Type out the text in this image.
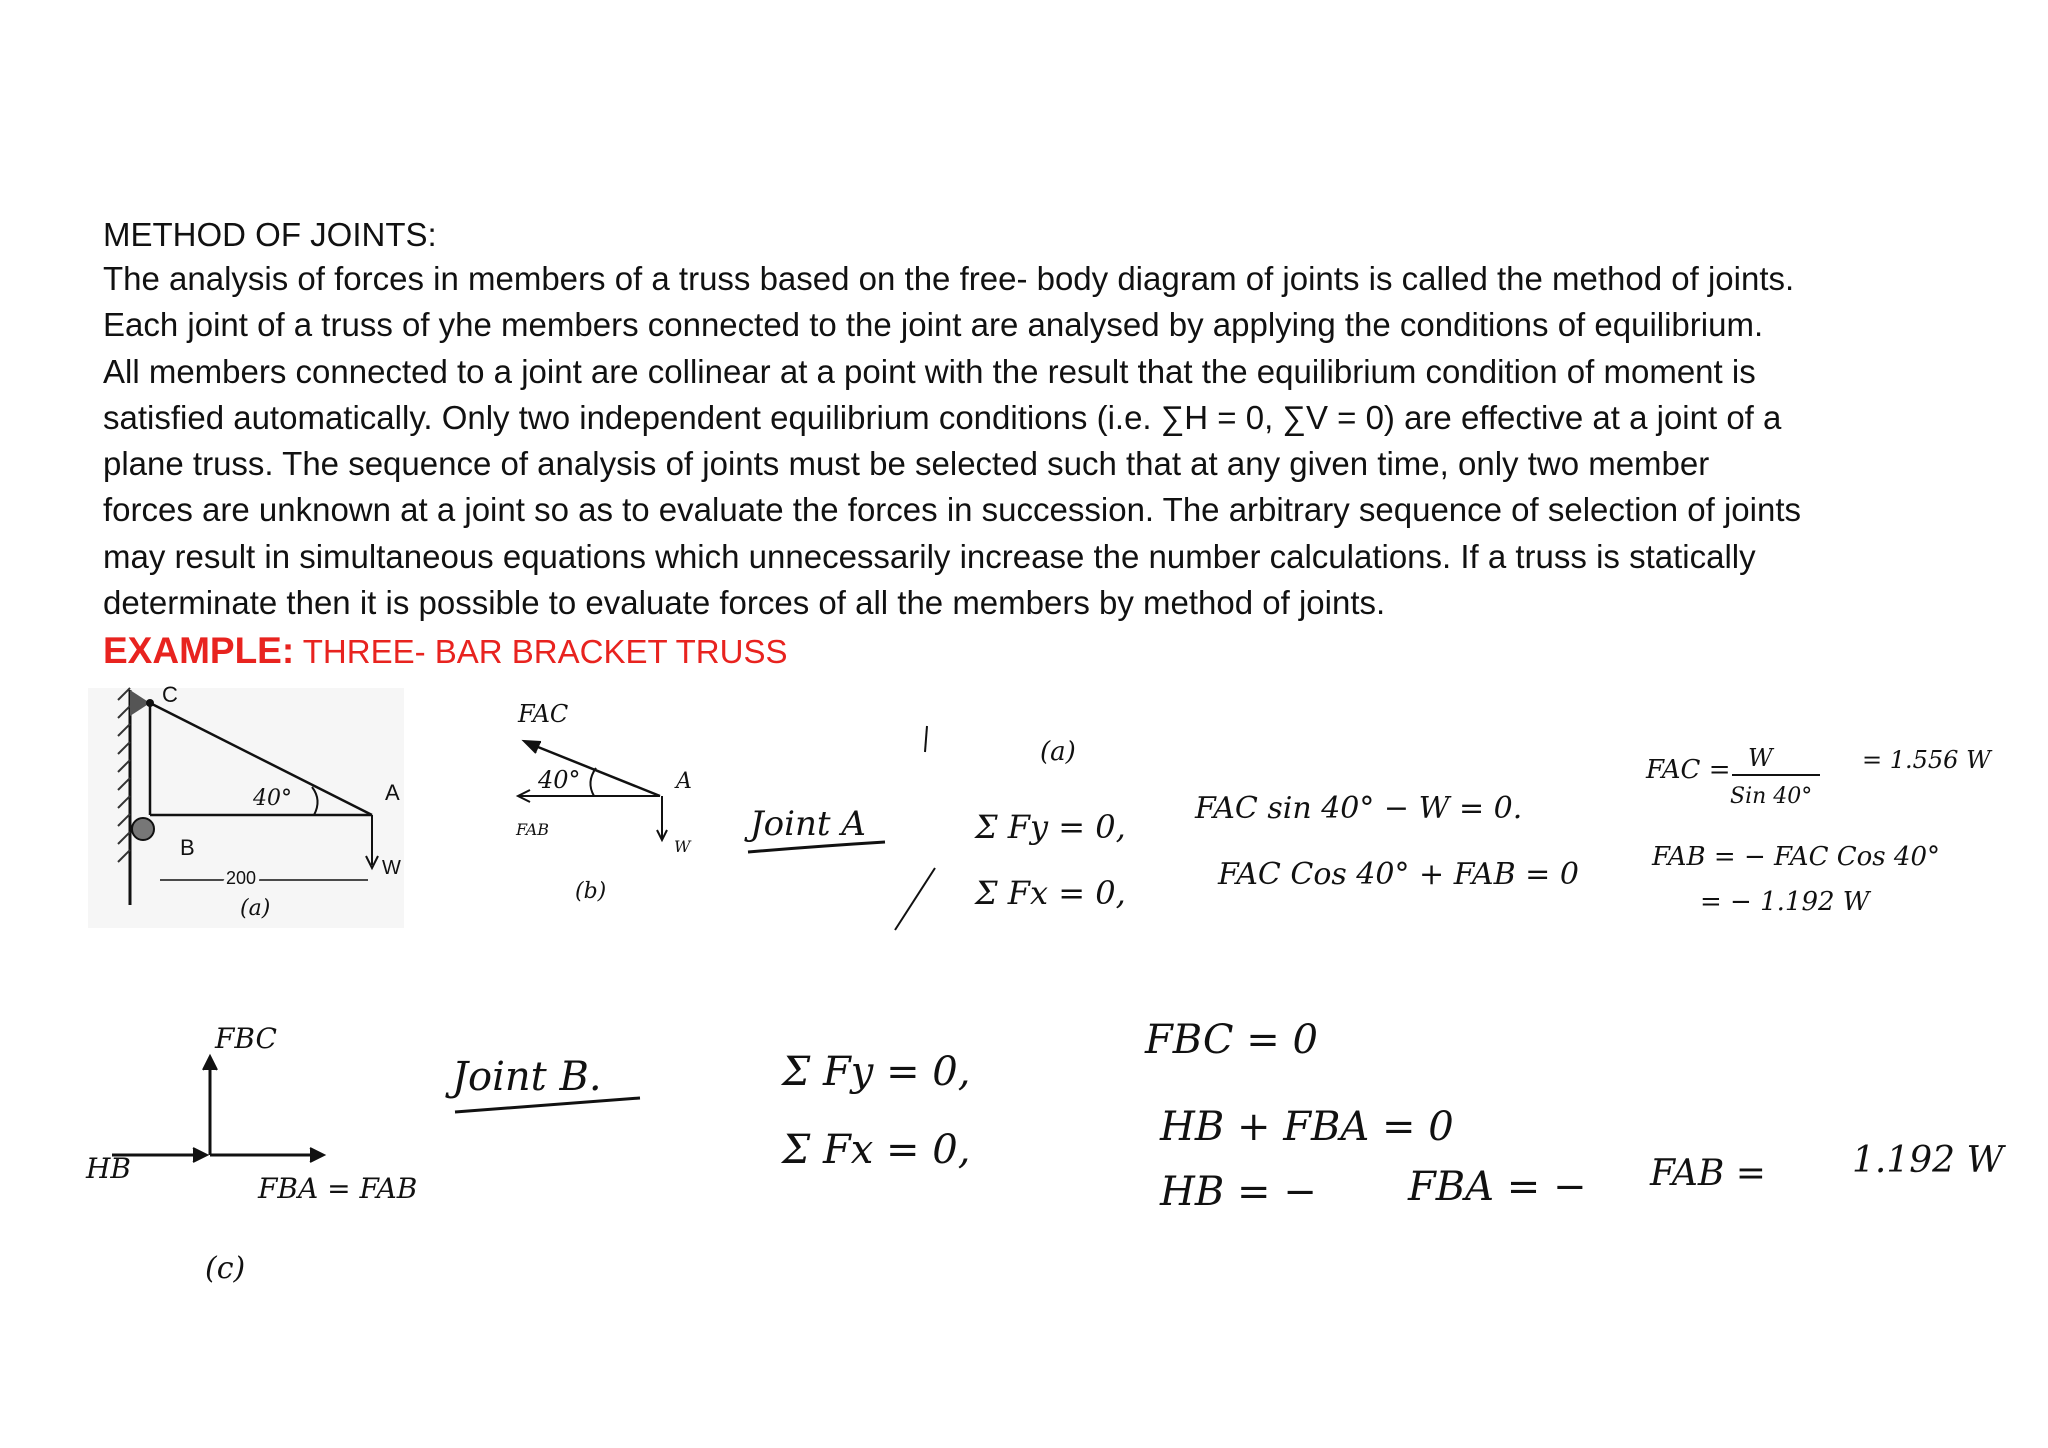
METHOD OF JOINTS:

The analysis of forces in members of a truss based on the free- body diagram of joints is called the method of joints.

Each joint of a truss of yhe members connected to the joint are analysed by applying the conditions of equilibrium.

All members connected to a joint are collinear at a point with the result that the equilibrium condition of moment is

satisfied automatically. Only two independent equilibrium conditions (i.e. ∑H = 0, ∑V = 0) are effective at a joint of a

plane truss. The sequence of analysis of joints must be selected such that at any given time, only two member

forces are unknown at a joint so as to evaluate the forces in succession. The arbitrary sequence of selection of joints

may result in simultaneous equations which unnecessarily increase the number calculations. If a truss is statically

determinate then it is possible to evaluate forces of all the members by method of joints.

EXAMPLE: THREE- BAR BRACKET TRUSS
C
A
B
40°
200	W
(a)
FAC
40°	A
FAB
W
(b)
Joint A
(a)
Σ Fy = 0,
Σ Fx = 0,
FAC sin 40° − W = 0.
FAC Cos 40° + FAB = 0
FAC = W
Sin 40°
= 1.556 W
FAB = − FAC Cos 40°
= − 1.192 W
FBC
HB
FBA = FAB
(c)
Joint B.	Σ Fy = 0,
Σ Fx = 0,
FBC = 0
HB + FBA = 0
HB = − FBA = − FAB = 1.192 W
